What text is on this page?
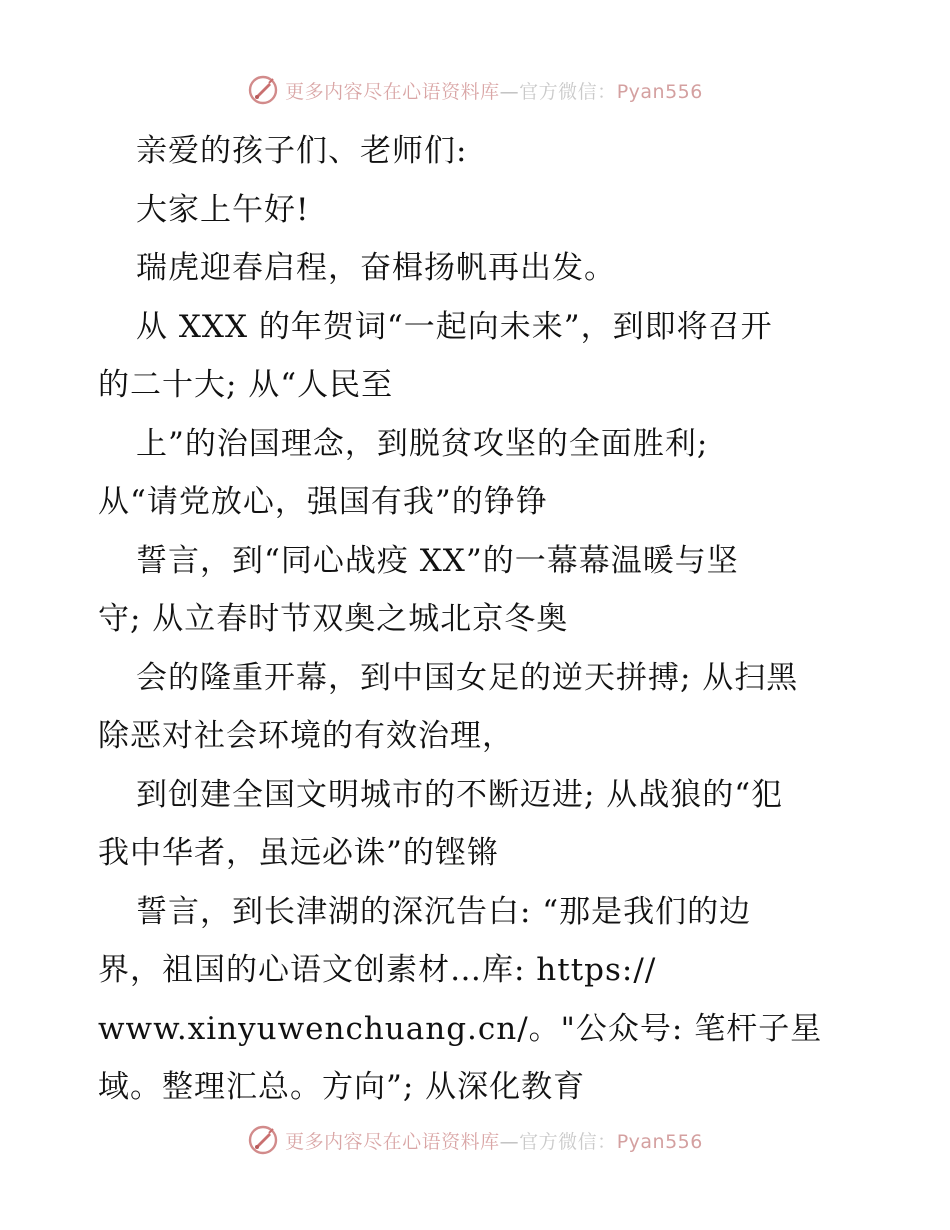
更多内容尽在心语资料库—官方微信：Pyan556
亲爱的孩子们、老师们:
大家上午好!
瑞虎迎春启程，奋楫扬帆再出发。
从 XXX 的年贺词“一起向未来”，到即将召开
的二十大; 从“人民至
上”的治国理念，到脱贫攻坚的全面胜利;
从“请党放心，强国有我”的铮铮
誓言，到“同心战疫 XX”的一幕幕温暖与坚
守; 从立春时节双奥之城北京冬奥
会的隆重开幕，到中国女足的逆天拼搏; 从扫黑
除恶对社会环境的有效治理，
到创建全国文明城市的不断迈进; 从战狼的“犯
我中华者，虽远必诛”的铿锵
誓言，到长津湖的深沉告白: “那是我们的边
界，祖国的心语文创素材…库: https://
www.xinyuwenchuang.cn/。"公众号: 笔杆子星
域。整理汇总。方向”; 从深化教育
更多内容尽在心语资料库—官方微信：Pyan556
